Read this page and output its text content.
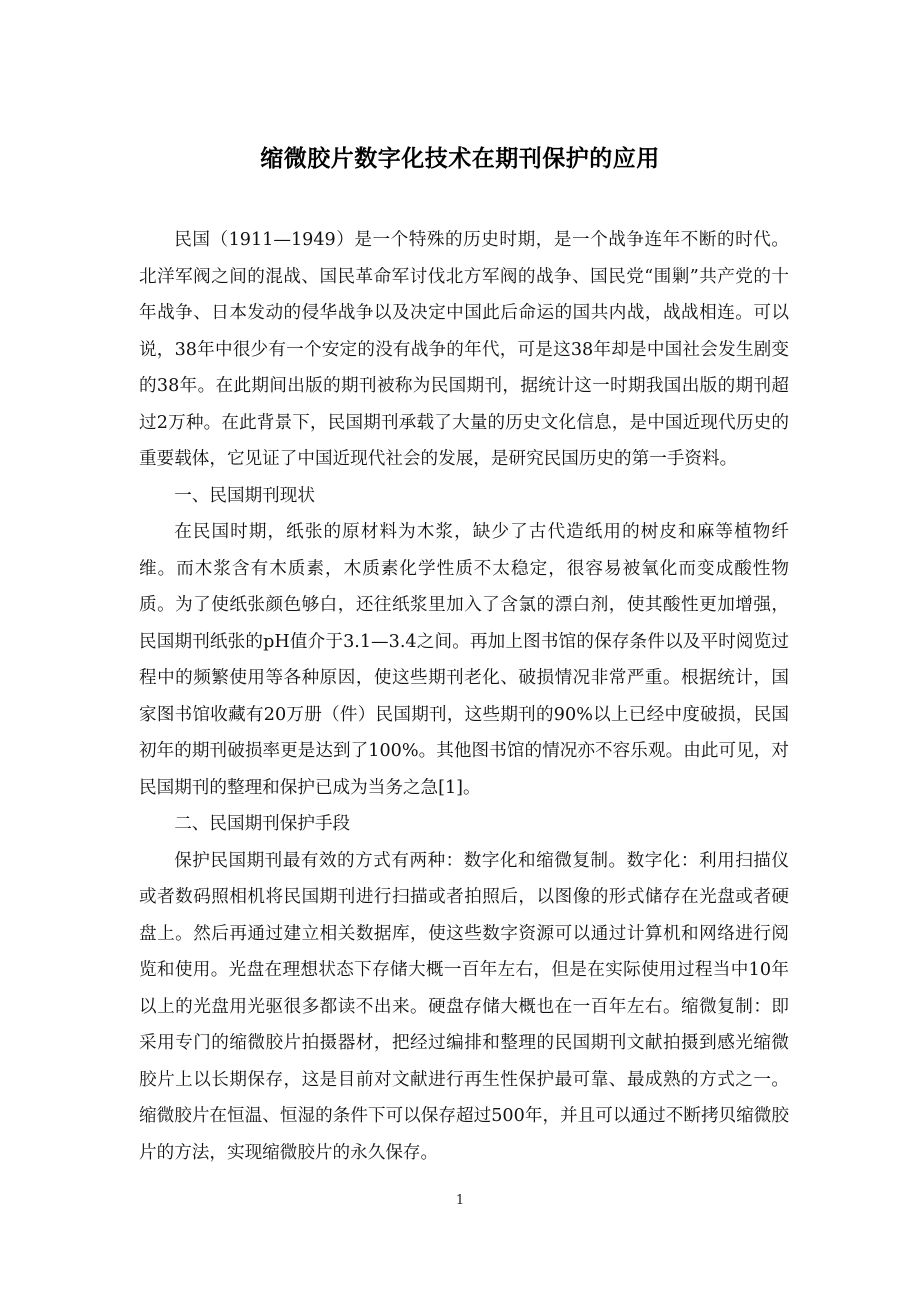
缩微胶片数字化技术在期刊保护的应用

民国（1911—1949）是一个特殊的历史时期，是一个战争连年不断的时代。北洋军阀之间的混战、国民革命军讨伐北方军阀的战争、国民党“围剿”共产党的十年战争、日本发动的侵华战争以及决定中国此后命运的国共内战，战战相连。可以说，38年中很少有一个安定的没有战争的年代，可是这38年却是中国社会发生剧变的38年。在此期间出版的期刊被称为民国期刊，据统计这一时期我国出版的期刊超过2万种。在此背景下，民国期刊承载了大量的历史文化信息，是中国近现代历史的重要载体，它见证了中国近现代社会的发展，是研究民国历史的第一手资料。

一、民国期刊现状

在民国时期，纸张的原材料为木浆，缺少了古代造纸用的树皮和麻等植物纤维。而木浆含有木质素，木质素化学性质不太稳定，很容易被氧化而变成酸性物质。为了使纸张颜色够白，还往纸浆里加入了含氯的漂白剂，使其酸性更加增强，民国期刊纸张的pH值介于3.1—3.4之间。再加上图书馆的保存条件以及平时阅览过程中的频繁使用等各种原因，使这些期刊老化、破损情况非常严重。根据统计，国家图书馆收藏有20万册（件）民国期刊，这些期刊的90%以上已经中度破损，民国初年的期刊破损率更是达到了100%。其他图书馆的情况亦不容乐观。由此可见，对民国期刊的整理和保护已成为当务之急[1]。

二、民国期刊保护手段

保护民国期刊最有效的方式有两种：数字化和缩微复制。数字化：利用扫描仪或者数码照相机将民国期刊进行扫描或者拍照后，以图像的形式储存在光盘或者硬盘上。然后再通过建立相关数据库，使这些数字资源可以通过计算机和网络进行阅览和使用。光盘在理想状态下存储大概一百年左右，但是在实际使用过程当中10年以上的光盘用光驱很多都读不出来。硬盘存储大概也在一百年左右。缩微复制：即采用专门的缩微胶片拍摄器材，把经过编排和整理的民国期刊文献拍摄到感光缩微胶片上以长期保存，这是目前对文献进行再生性保护最可靠、最成熟的方式之一。缩微胶片在恒温、恒湿的条件下可以保存超过500年，并且可以通过不断拷贝缩微胶片的方法，实现缩微胶片的永久保存。

1
